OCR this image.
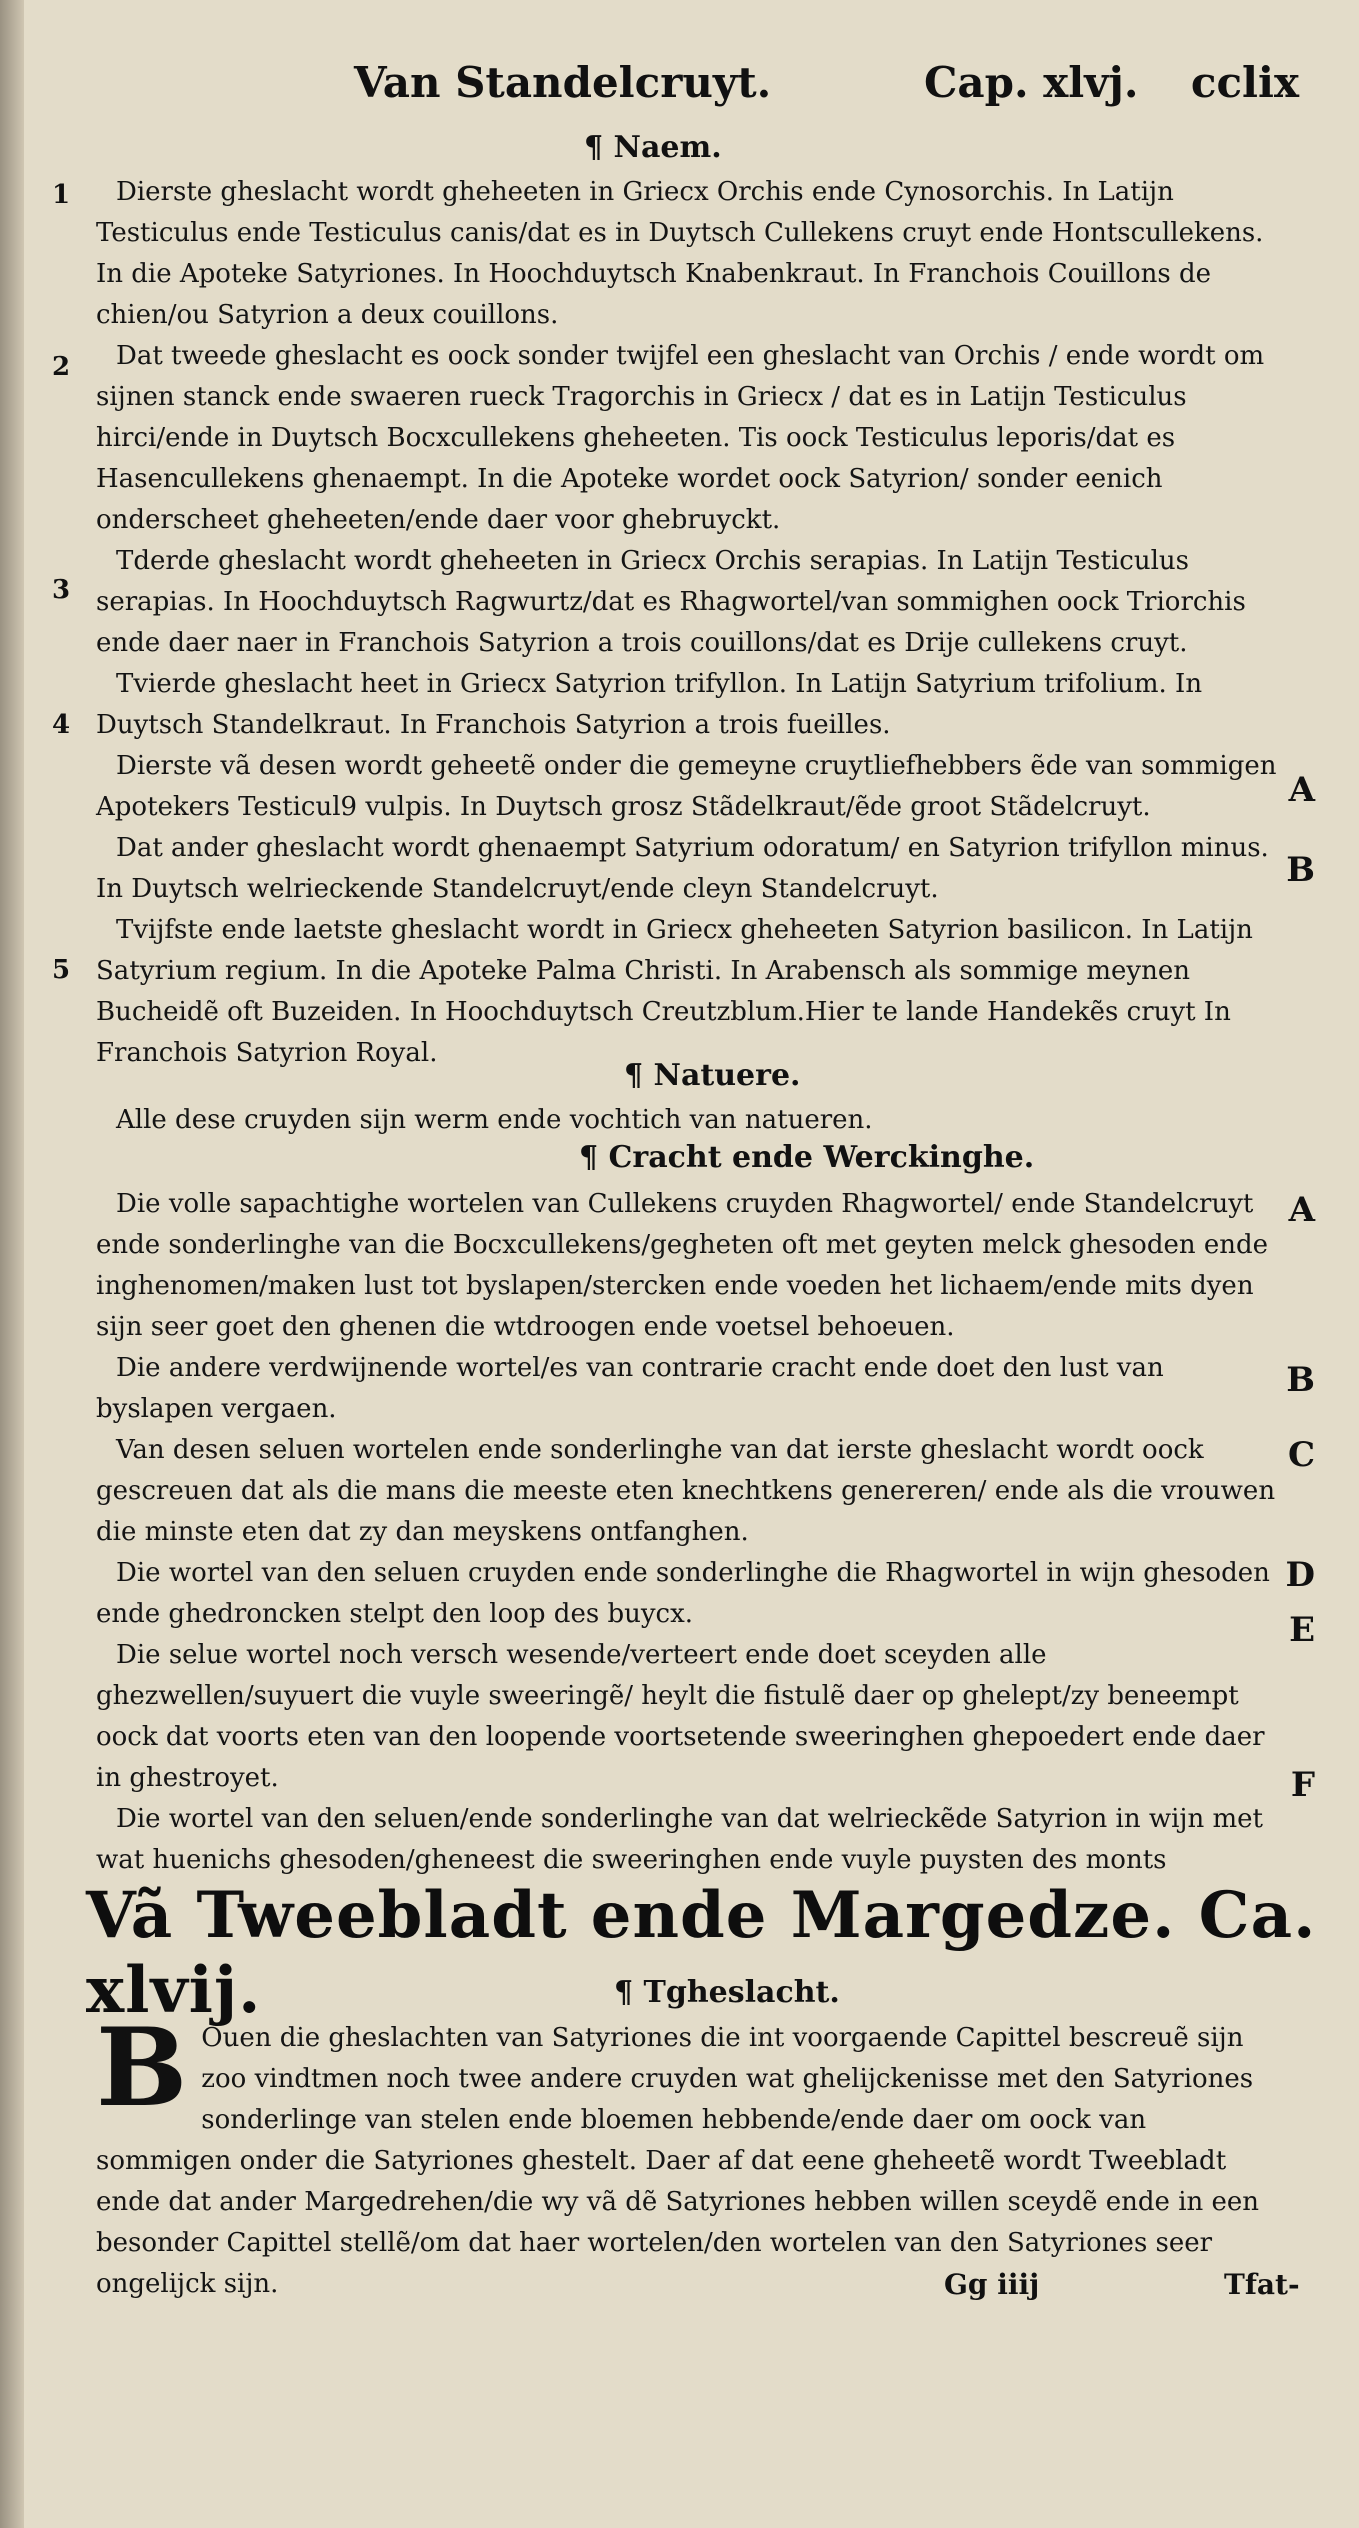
Van Standelcruyt.	Cap. xlvj. cclix
¶ Naem.
1
2
3
4
5

Dierste gheslacht wordt gheheeten in Griecx Orchis ende Cynosorchis. In Latijn Testiculus ende Testiculus canis/dat es in Duytsch Cullekens cruyt ende Hontscullekens. In die Apoteke Satyriones. In Hoochduytsch Knabenkraut. In Franchois Couillons de chien/ou Satyrion a deux couillons.

Dat tweede gheslacht es oock sonder twijfel een gheslacht van Orchis / ende wordt om sijnen stanck ende swaeren rueck Tragorchis in Griecx / dat es in Latijn Testiculus hirci/ende in Duytsch Bocxcullekens gheheeten. Tis oock Testiculus leporis/dat es Hasencullekens ghenaempt. In die Apoteke wordet oock Satyrion/ sonder eenich onderscheet gheheeten/ende daer voor ghebruyckt.

Tderde gheslacht wordt gheheeten in Griecx Orchis serapias. In Latijn Testiculus serapias. In Hoochduytsch Ragwurtz/dat es Rhagwortel/van sommighen oock Triorchis ende daer naer in Franchois Satyrion a trois couillons/dat es Drije cullekens cruyt.

Tvierde gheslacht heet in Griecx Satyrion trifyllon. In Latijn Satyrium trifolium. In Duytsch Standelkraut. In Franchois Satyrion a trois fueilles.

Dierste vã desen wordt geheetẽ onder die gemeyne cruytliefhebbers ẽde van sommigen Apotekers Testicul9 vulpis. In Duytsch grosz Stãdelkraut/ẽde groot Stãdelcruyt.

Dat ander gheslacht wordt ghenaempt Satyrium odoratum/ en Satyrion trifyllon minus. In Duytsch welrieckende Standelcruyt/ende cleyn Standelcruyt.

Tvijfste ende laetste gheslacht wordt in Griecx gheheeten Satyrion basilicon. In Latijn Satyrium regium. In die Apoteke Palma Christi. In Arabensch als sommige meynen Bucheidẽ oft Buzeiden. In Hoochduytsch Creutzblum.Hier te lande Handekẽs cruyt In Franchois Satyrion Royal.

A
B
A
B
C
D
E
F
¶ Natuere.

Alle dese cruyden sijn werm ende vochtich van natueren.

¶ Cracht ende Werckinghe.

Die volle sapachtighe wortelen van Cullekens cruyden Rhagwortel/ ende Standelcruyt ende sonderlinghe van die Bocxcullekens/gegheten oft met geyten melck ghesoden ende inghenomen/maken lust tot byslapen/stercken ende voeden het lichaem/ende mits dyen sijn seer goet den ghenen die wtdroogen ende voetsel behoeuen.

Die andere verdwijnende wortel/es van contrarie cracht ende doet den lust van byslapen vergaen.

Van desen seluen wortelen ende sonderlinghe van dat ierste gheslacht wordt oock gescreuen dat als die mans die meeste eten knechtkens genereren/ ende als die vrouwen die minste eten dat zy dan meyskens ontfanghen.

Die wortel van den seluen cruyden ende sonderlinghe die Rhagwortel in wijn ghesoden ende ghedroncken stelpt den loop des buycx.

Die selue wortel noch versch wesende/verteert ende doet sceyden alle ghezwellen/suyuert die vuyle sweeringẽ/ heylt die fistulẽ daer op ghelept/zy beneempt oock dat voorts eten van den loopende voortsetende sweeringhen ghepoedert ende daer in ghestroyet.

Die wortel van den seluen/ende sonderlinghe van dat welrieckẽde Satyrion in wijn met wat huenichs ghesoden/gheneest die sweeringhen ende vuyle puysten des monts

Vã Tweebladt ende Margedze. Ca. xlvij.	¶ Tgheslacht.
B Ouen die gheslachten van Satyriones die int voorgaende Capittel bescreuẽ sijn zoo vindtmen noch twee andere cruyden wat ghelijckenisse met den Satyriones sonderlinge van stelen ende bloemen hebbende/ende daer om oock van sommigen onder die Satyriones ghestelt. Daer af dat eene gheheetẽ wordt Tweebladt ende dat ander Margedrehen/die wy vã dẽ Satyriones hebben willen sceydẽ ende in een besonder Capittel stellẽ/om dat haer wortelen/den wortelen van den Satyriones seer ongelijck sijn.	Gg iiij	Tfat-
